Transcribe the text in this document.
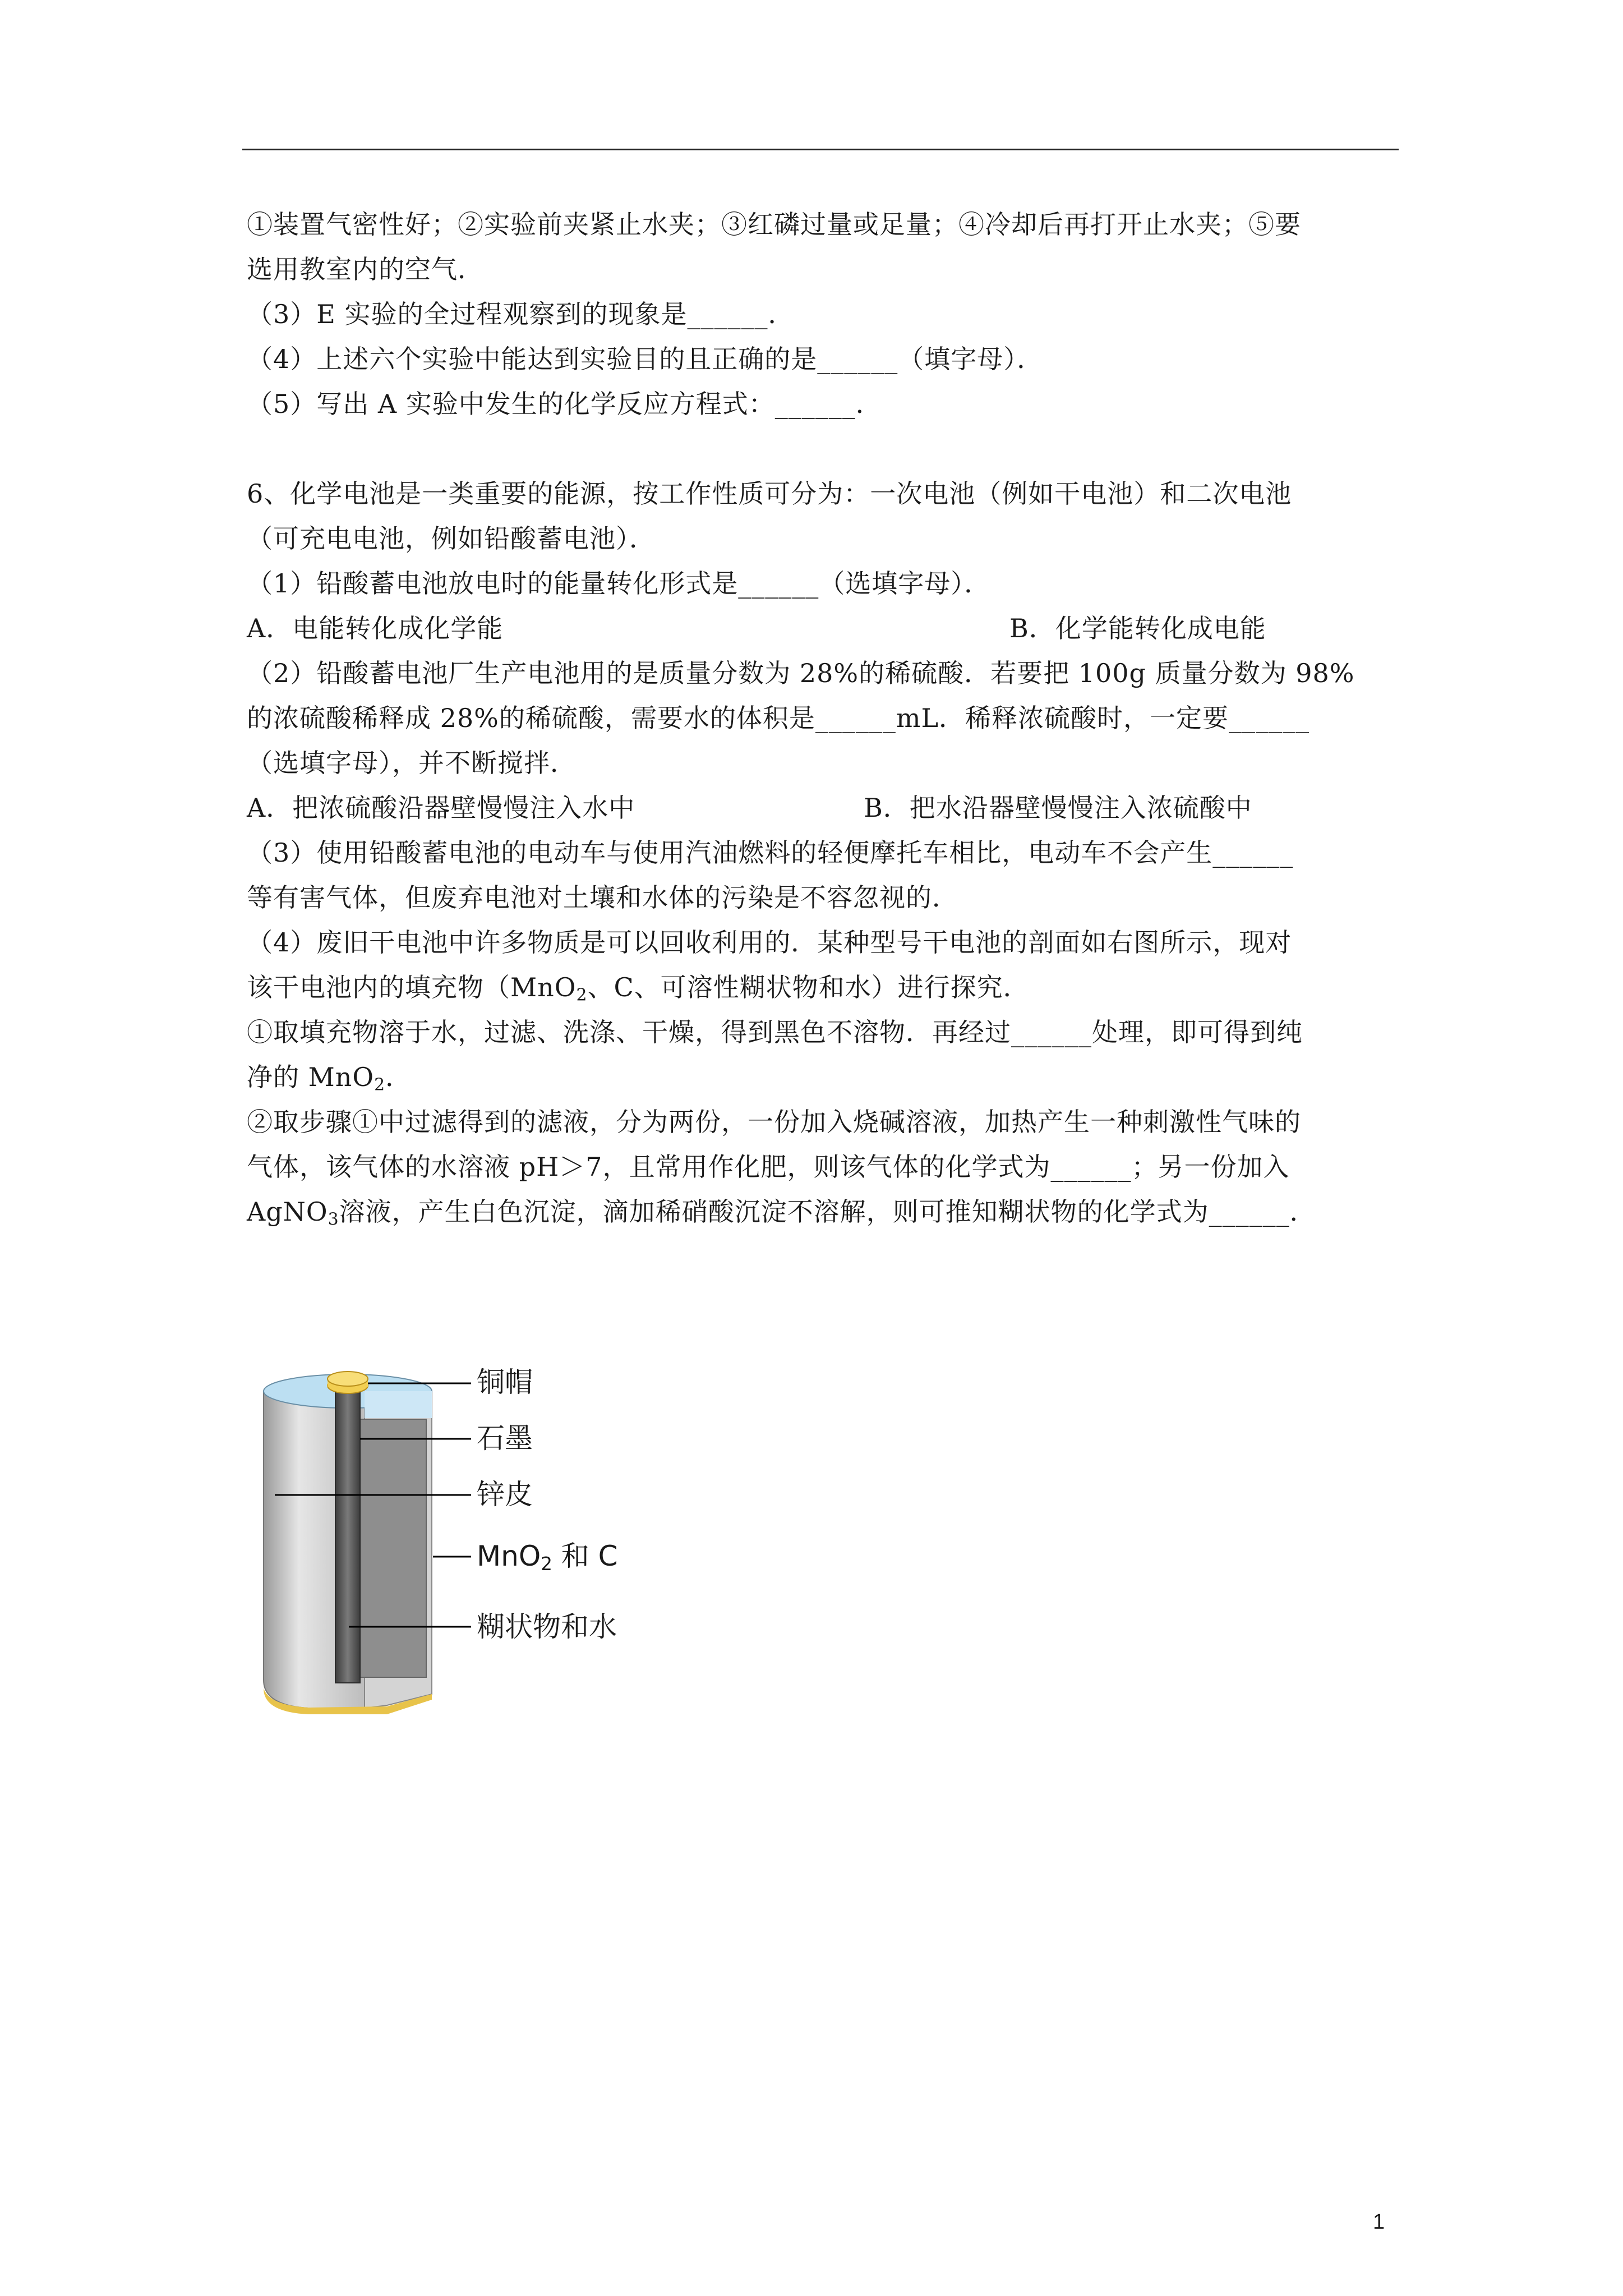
①装置气密性好；②实验前夹紧止水夹；③红磷过量或足量；④冷却后再打开止水夹；⑤要
选用教室内的空气．
（3）E 实验的全过程观察到的现象是______．
（4）上述六个实验中能达到实验目的且正确的是______（填字母）．
（5）写出 A 实验中发生的化学反应方程式：______．
6、化学电池是一类重要的能源，按工作性质可分为：一次电池（例如干电池）和二次电池
（可充电电池，例如铅酸蓄电池）．
（1）铅酸蓄电池放电时的能量转化形式是______（选填字母）．
A．电能转化成化学能	B．化学能转化成电能
（2）铅酸蓄电池厂生产电池用的是质量分数为 28%的稀硫酸．若要把 100g 质量分数为 98%
的浓硫酸稀释成 28%的稀硫酸，需要水的体积是______mL．稀释浓硫酸时，一定要______
（选填字母），并不断搅拌．
A．把浓硫酸沿器壁慢慢注入水中	B．把水沿器壁慢慢注入浓硫酸中
（3）使用铅酸蓄电池的电动车与使用汽油燃料的轻便摩托车相比，电动车不会产生______
等有害气体，但废弃电池对土壤和水体的污染是不容忽视的．
（4）废旧干电池中许多物质是可以回收利用的．某种型号干电池的剖面如右图所示，现对
该干电池内的填充物（MnO$_2$、C、可溶性糊状物和水）进行探究．
①取填充物溶于水，过滤、洗涤、干燥，得到黑色不溶物．再经过______处理，即可得到纯
净的 MnO$_2$．
②取步骤①中过滤得到的滤液，分为两份，一份加入烧碱溶液，加热产生一种刺激性气味的
气体，该气体的水溶液 pH＞7，且常用作化肥，则该气体的化学式为______；另一份加入
AgNO$_3$溶液，产生白色沉淀，滴加稀硝酸沉淀不溶解，则可推知糊状物的化学式为______．
铜帽
石墨
锌皮
MnO$_2$ 和 C
糊状物和水
1
